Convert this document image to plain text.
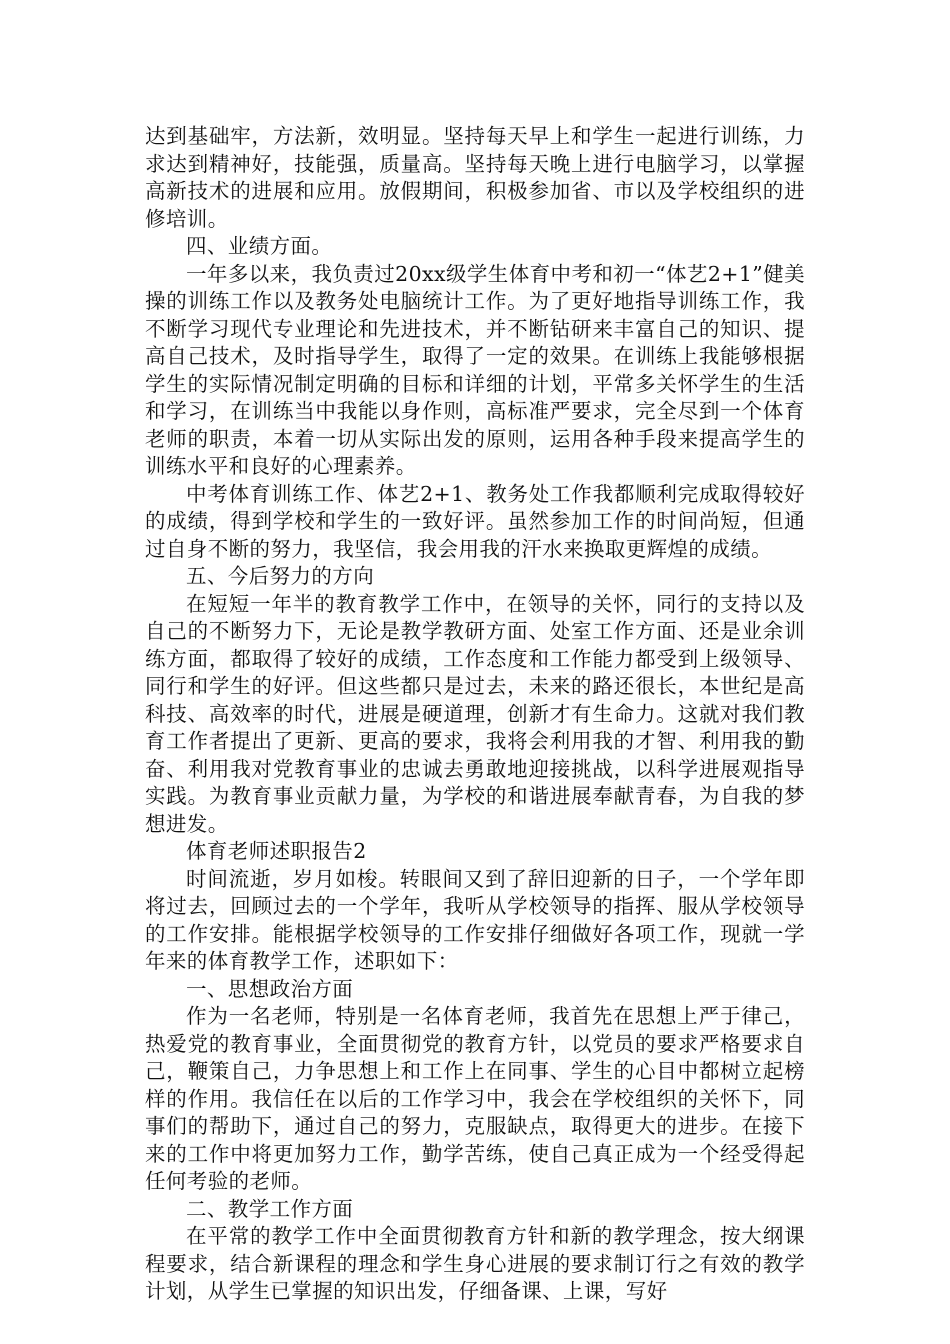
达到基础牢，方法新，效明显。坚持每天早上和学生一起进行训练，力求达到精神好，技能强，质量高。坚持每天晚上进行电脑学习，以掌握高新技术的进展和应用。放假期间，积极参加省、市以及学校组织的进修培训。

四、业绩方面。

一年多以来，我负责过20xx级学生体育中考和初一“体艺2+1”健美操的训练工作以及教务处电脑统计工作。为了更好地指导训练工作，我不断学习现代专业理论和先进技术，并不断钻研来丰富自己的知识、提高自己技术，及时指导学生，取得了一定的效果。在训练上我能够根据学生的实际情况制定明确的目标和详细的计划，平常多关怀学生的生活和学习，在训练当中我能以身作则，高标准严要求，完全尽到一个体育老师的职责，本着一切从实际出发的原则，运用各种手段来提高学生的训练水平和良好的心理素养。

中考体育训练工作、体艺2+1、教务处工作我都顺利完成取得较好的成绩，得到学校和学生的一致好评。虽然参加工作的时间尚短，但通过自身不断的努力，我坚信，我会用我的汗水来换取更辉煌的成绩。

五、今后努力的方向

在短短一年半的教育教学工作中，在领导的关怀，同行的支持以及自己的不断努力下，无论是教学教研方面、处室工作方面、还是业余训练方面，都取得了较好的成绩，工作态度和工作能力都受到上级领导、同行和学生的好评。但这些都只是过去，未来的路还很长，本世纪是高科技、高效率的时代，进展是硬道理，创新才有生命力。这就对我们教育工作者提出了更新、更高的要求，我将会利用我的才智、利用我的勤奋、利用我对党教育事业的忠诚去勇敢地迎接挑战，以科学进展观指导实践。为教育事业贡献力量，为学校的和谐进展奉献青春，为自我的梦想进发。

体育老师述职报告2

时间流逝，岁月如梭。转眼间又到了辞旧迎新的日子，一个学年即将过去，回顾过去的一个学年，我听从学校领导的指挥、服从学校领导的工作安排。能根据学校领导的工作安排仔细做好各项工作，现就一学年来的体育教学工作，述职如下：

一、思想政治方面

作为一名老师，特别是一名体育老师，我首先在思想上严于律己，热爱党的教育事业，全面贯彻党的教育方针，以党员的要求严格要求自己，鞭策自己，力争思想上和工作上在同事、学生的心目中都树立起榜样的作用。我信任在以后的工作学习中，我会在学校组织的关怀下，同事们的帮助下，通过自己的努力，克服缺点，取得更大的进步。在接下来的工作中将更加努力工作，勤学苦练，使自己真正成为一个经受得起任何考验的老师。

二、教学工作方面

在平常的教学工作中全面贯彻教育方针和新的教学理念，按大纲课程要求，结合新课程的理念和学生身心进展的要求制订行之有效的教学计划，从学生已掌握的知识出发，仔细备课、上课，写好
